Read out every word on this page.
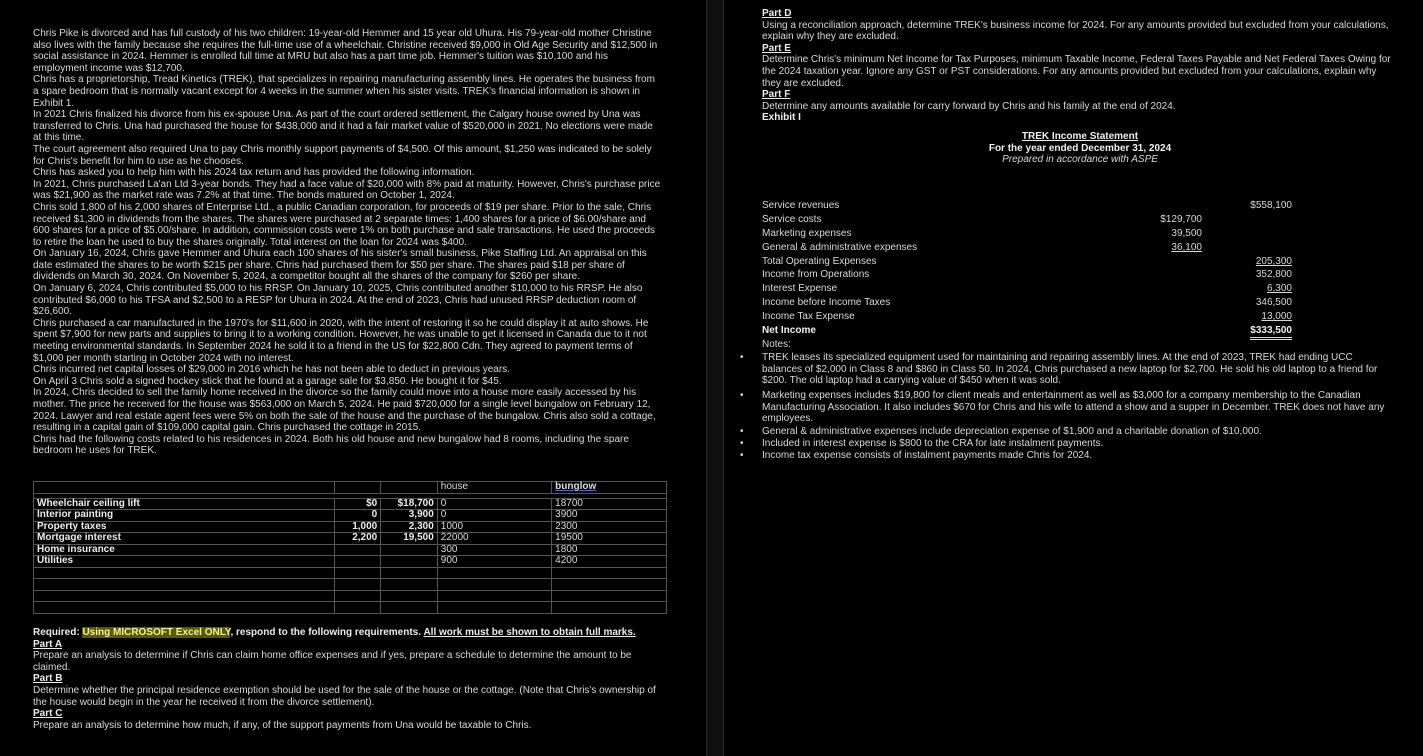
Chris Pike is divorced and has full custody of his two children: 19-year-old Hemmer and 15 year old Uhura. His 79-year-old mother Christine also lives with the family because she requires the full-time use of a wheelchair. Christine received $9,000 in Old Age Security and $12,500 in social assistance in 2024. Hemmer is enrolled full time at MRU but also has a part time job. Hemmer's tuition was $10,100 and his employment income was $12,700.

Chris has a proprietorship, Tread Kinetics (TREK), that specializes in repairing manufacturing assembly lines. He operates the business from a spare bedroom that is normally vacant except for 4 weeks in the summer when his sister visits. TREK's financial information is shown in Exhibit 1.

In 2021 Chris finalized his divorce from his ex-spouse Una. As part of the court ordered settlement, the Calgary house owned by Una was transferred to Chris. Una had purchased the house for $438,000 and it had a fair market value of $520,000 in 2021. No elections were made at this time.

The court agreement also required Una to pay Chris monthly support payments of $4,500. Of this amount, $1,250 was indicated to be solely for Chris's benefit for him to use as he chooses.

Chris has asked you to help him with his 2024 tax return and has provided the following information.

In 2021, Chris purchased La'an Ltd 3-year bonds. They had a face value of $20,000 with 8% paid at maturity. However, Chris's purchase price was $21,900 as the market rate was 7.2% at that time. The bonds matured on October 1, 2024.

Chris sold 1,800 of his 2,000 shares of Enterprise Ltd., a public Canadian corporation, for proceeds of $19 per share. Prior to the sale, Chris received $1,300 in dividends from the shares. The shares were purchased at 2 separate times: 1,400 shares for a price of $6.00/share and 600 shares for a price of $5.00/share. In addition, commission costs were 1% on both purchase and sale transactions. He used the proceeds to retire the loan he used to buy the shares originally. Total interest on the loan for 2024 was $400.

On January 16, 2024, Chris gave Hemmer and Uhura each 100 shares of his sister's small business, Pike Staffing Ltd. An appraisal on this date estimated the shares to be worth $215 per share. Chris had purchased them for $50 per share. The shares paid $18 per share of dividends on March 30, 2024. On November 5, 2024, a competitor bought all the shares of the company for $260 per share.

On January 6, 2024, Chris contributed $5,000 to his RRSP. On January 10, 2025, Chris contributed another $10,000 to his RRSP. He also contributed $6,000 to his TFSA and $2,500 to a RESP for Uhura in 2024. At the end of 2023, Chris had unused RRSP deduction room of $26,600.

Chris purchased a car manufactured in the 1970's for $11,600 in 2020, with the intent of restoring it so he could display it at auto shows. He spent $7,900 for new parts and supplies to bring it to a working condition. However, he was unable to get it licensed in Canada due to it not meeting environmental standards. In September 2024 he sold it to a friend in the US for $22,800 Cdn. They agreed to payment terms of $1,000 per month starting in October 2024 with no interest.

Chris incurred net capital losses of $29,000 in 2016 which he has not been able to deduct in previous years.

On April 3 Chris sold a signed hockey stick that he found at a garage sale for $3,850. He bought it for $45.

In 2024, Chris decided to sell the family home received in the divorce so the family could move into a house more easily accessed by his mother. The price he received for the house was $563,000 on March 5, 2024. He paid $720,000 for a single level bungalow on February 12, 2024. Lawyer and real estate agent fees were 5% on both the sale of the house and the purchase of the bungalow. Chris also sold a cottage, resulting in a capital gain of $109,000 capital gain. Chris purchased the cottage in 2015.

Chris had the following costs related to his residences in 2024. Both his old house and new bungalow had 8 rooms, including the spare bedroom he uses for TREK.

			house	bunglow

Wheelchair ceiling lift	$0	$18,700	0	18700
Interior painting	0	3,900	0	3900
Property taxes	1,000	2,300	1000	2300
Mortgage interest	2,200	19,500	22000	19500
Home insurance			300	1800
Utilities			900	4200

Required: Using MICROSOFT Excel ONLY, respond to the following requirements. All work must be shown to obtain full marks.

Part A

Prepare an analysis to determine if Chris can claim home office expenses and if yes, prepare a schedule to determine the amount to be claimed.

Part B

Determine whether the principal residence exemption should be used for the sale of the house or the cottage. (Note that Chris's ownership of the house would begin in the year he received it from the divorce settlement).

Part C

Prepare an analysis to determine how much, if any, of the support payments from Una would be taxable to Chris.

Part D

Using a reconciliation approach, determine TREK's business income for 2024. For any amounts provided but excluded from your calculations, explain why they are excluded.

Part E

Determine Chris's minimum Net Income for Tax Purposes, minimum Taxable Income, Federal Taxes Payable and Net Federal Taxes Owing for the 2024 taxation year. Ignore any GST or PST considerations. For any amounts provided but excluded from your calculations, explain why they are excluded.

Part F

Determine any amounts available for carry forward by Chris and his family at the end of 2024.

Exhibit I

TREK Income Statement
For the year ended December 31, 2024
Prepared in accordance with ASPE
Service revenues	$558,100
Service costs	$129,700
Marketing expenses	39,500
General & administrative expenses	36,100
Total Operating Expenses	205,300
Income from Operations	352,800
Interest Expense	6,300
Income before Income Taxes	346,500
Income Tax Expense	13,000
Net Income	$333,500
Notes:
• TREK leases its specialized equipment used for maintaining and repairing assembly lines. At the end of 2023, TREK had ending UCC balances of $2,000 in Class 8 and $860 in Class 50. In 2024, Chris purchased a new laptop for $2,700. He sold his old laptop to a friend for $200. The old laptop had a carrying value of $450 when it was sold.
• Marketing expenses includes $19,800 for client meals and entertainment as well as $3,000 for a company membership to the Canadian Manufacturing Association. It also includes $670 for Chris and his wife to attend a show and a supper in December. TREK does not have any employees.
• General & administrative expenses include depreciation expense of $1,900 and a charitable donation of $10,000.
• Included in interest expense is $800 to the CRA for late instalment payments.
• Income tax expense consists of instalment payments made Chris for 2024.
